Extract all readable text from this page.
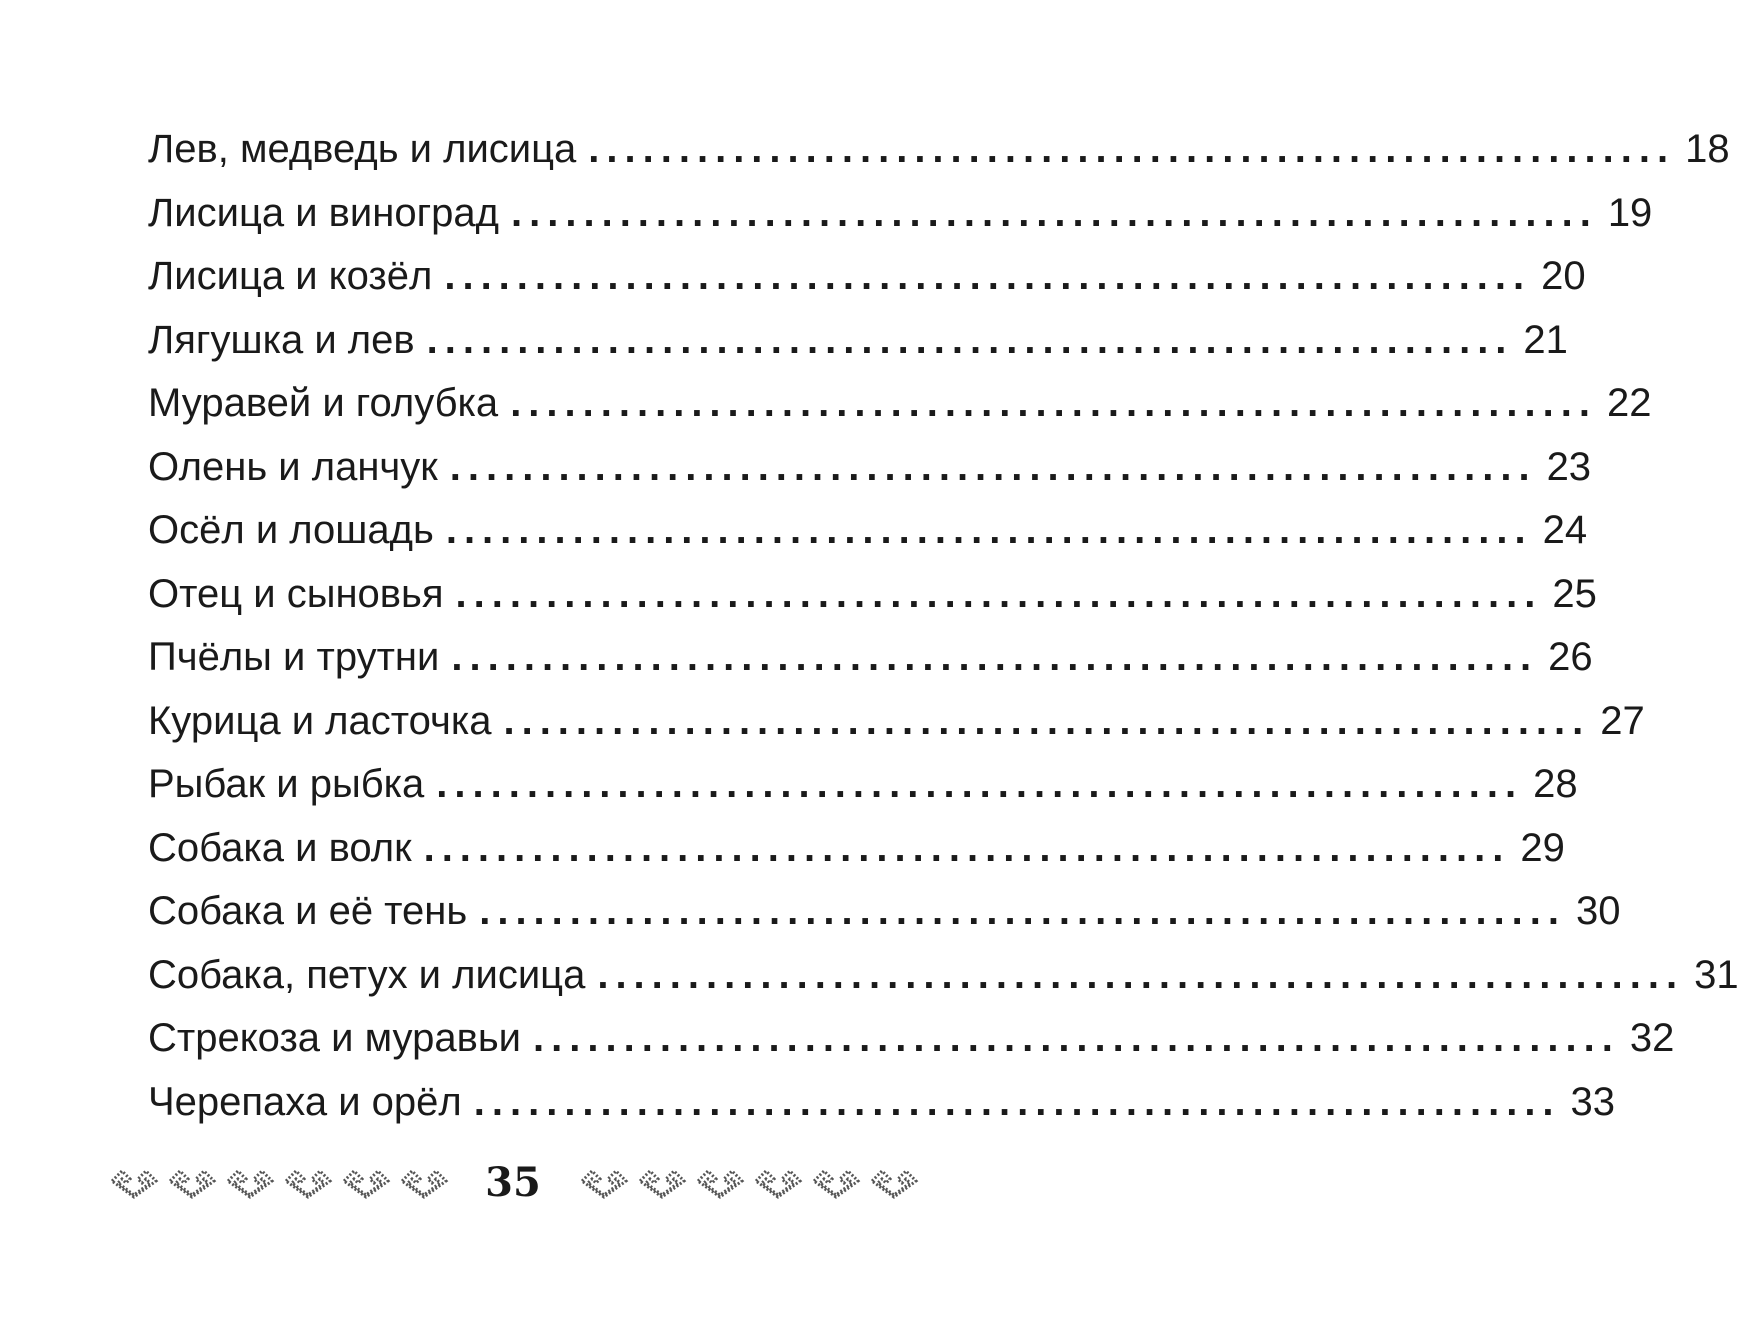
Лев, медведь и лисица ............................................................ 18
Лисица и виноград ............................................................ 19
Лисица и козёл ............................................................ 20
Лягушка и лев ............................................................ 21
Муравей и голубка ............................................................ 22
Олень и ланчук ............................................................ 23
Осёл и лошадь ............................................................ 24
Отец и сыновья ............................................................ 25
Пчёлы и трутни ............................................................ 26
Курица и ласточка ............................................................ 27
Рыбак и рыбка ............................................................ 28
Собака и волк ............................................................ 29
Собака и её тень ............................................................ 30
Собака, петух и лисица ............................................................ 31
Стрекоза и муравьи ............................................................ 32
Черепаха и орёл ............................................................ 33
35
